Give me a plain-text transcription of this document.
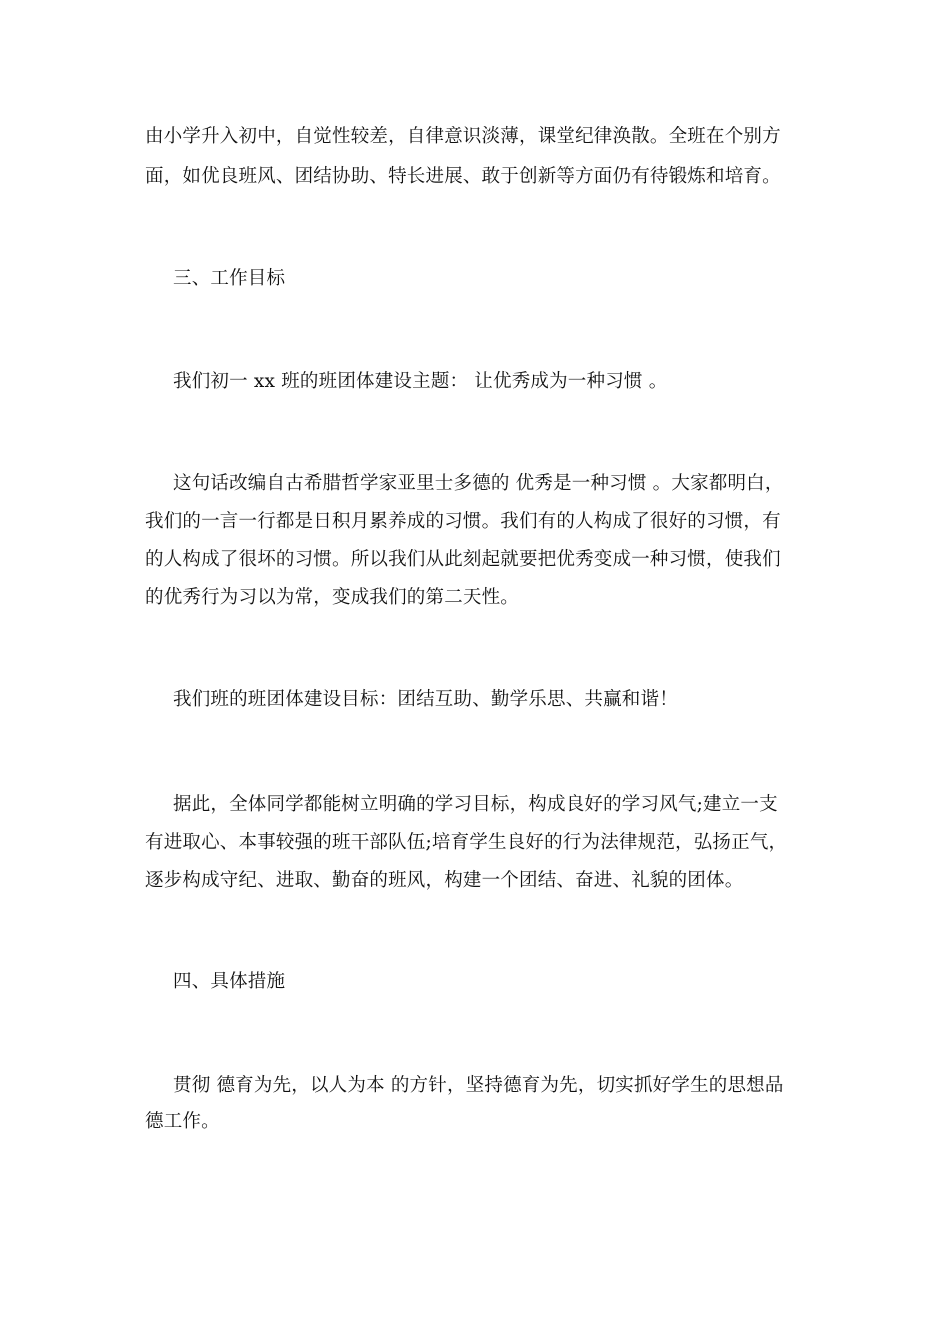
由小学升入初中，自觉性较差，自律意识淡薄，课堂纪律涣散。全班在个别方
面，如优良班风、团结协助、特长进展、敢于创新等方面仍有待锻炼和培育。
三、工作目标
我们初一 xx 班的班团体建设主题： 让优秀成为一种习惯 。
这句话改编自古希腊哲学家亚里士多德的 优秀是一种习惯 。大家都明白，
我们的一言一行都是日积月累养成的习惯。我们有的人构成了很好的习惯，有
的人构成了很坏的习惯。所以我们从此刻起就要把优秀变成一种习惯，使我们
的优秀行为习以为常，变成我们的第二天性。
我们班的班团体建设目标：团结互助、勤学乐思、共赢和谐！
据此，全体同学都能树立明确的学习目标，构成良好的学习风气;建立一支
有进取心、本事较强的班干部队伍;培育学生良好的行为法律规范，弘扬正气，
逐步构成守纪、进取、勤奋的班风，构建一个团结、奋进、礼貌的团体。
四、具体措施
贯彻 德育为先，以人为本 的方针，坚持德育为先，切实抓好学生的思想品
德工作。
